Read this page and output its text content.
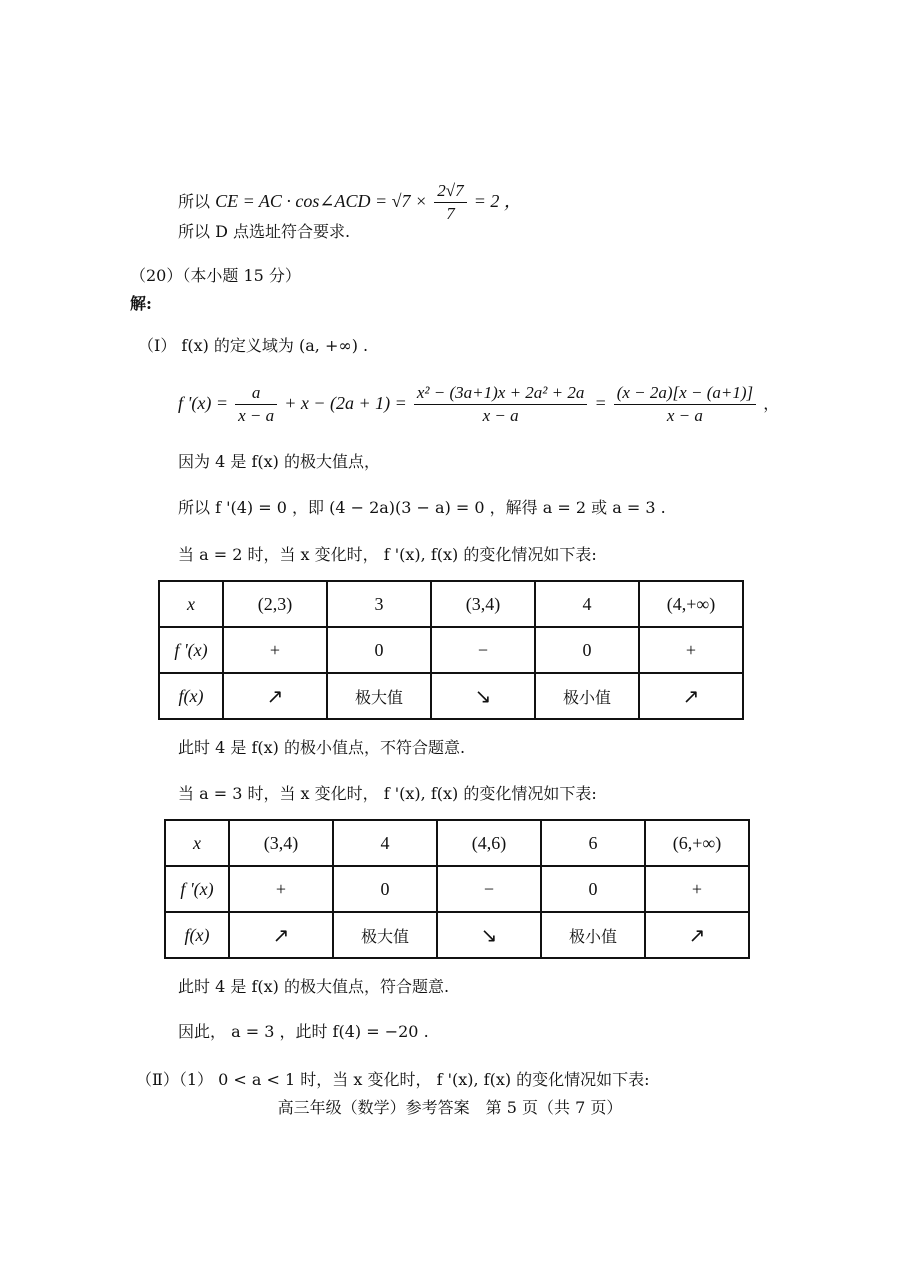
所以 CE = AC · cos∠ACD = $√7 \times \frac{2√7}{7} = 2$ ，
所以 D 点选址符合要求.
（20）（本小题 15 分）
解:
（Ⅰ） f(x) 的定义域为 (a, +∞) .
f '$(x) = \frac{a}{x - a} + x - (2a + 1) = \frac{\text{x² − (3a+1)x + 2a² + 2a}}{x - a} = \frac{(x - 2a)[x - (a+1)]}{x - a}$ ，
因为 4 是 f(x) 的极大值点，
所以 f '(4) = 0 ，即 (4 − 2a)(3 − a) = 0 ，解得 a = 2 或 a = 3 .
当 a = 2 时，当 x 变化时， f '(x), f(x) 的变化情况如下表:
x	(2,3)	3	(3,4)	4	(4,+∞)
f '(x)	+	0	−	0	+
f(x)	↗	极大值	↘	极小值	↗
此时 4 是 f(x) 的极小值点，不符合题意.
当 a = 3 时，当 x 变化时， f '(x), f(x) 的变化情况如下表:
x	(3,4)	4	(4,6)	6	(6,+∞)
f '(x)	+	0	−	0	+
f(x)	↗	极大值	↘	极小值	↗
此时 4 是 f(x) 的极大值点，符合题意.
因此， a = 3 ，此时 f(4) = −20 .
（Ⅱ）（1） 0 < a < 1 时，当 x 变化时， f '(x), f(x) 的变化情况如下表:
高三年级（数学）参考答案　第 5 页（共 7 页）
